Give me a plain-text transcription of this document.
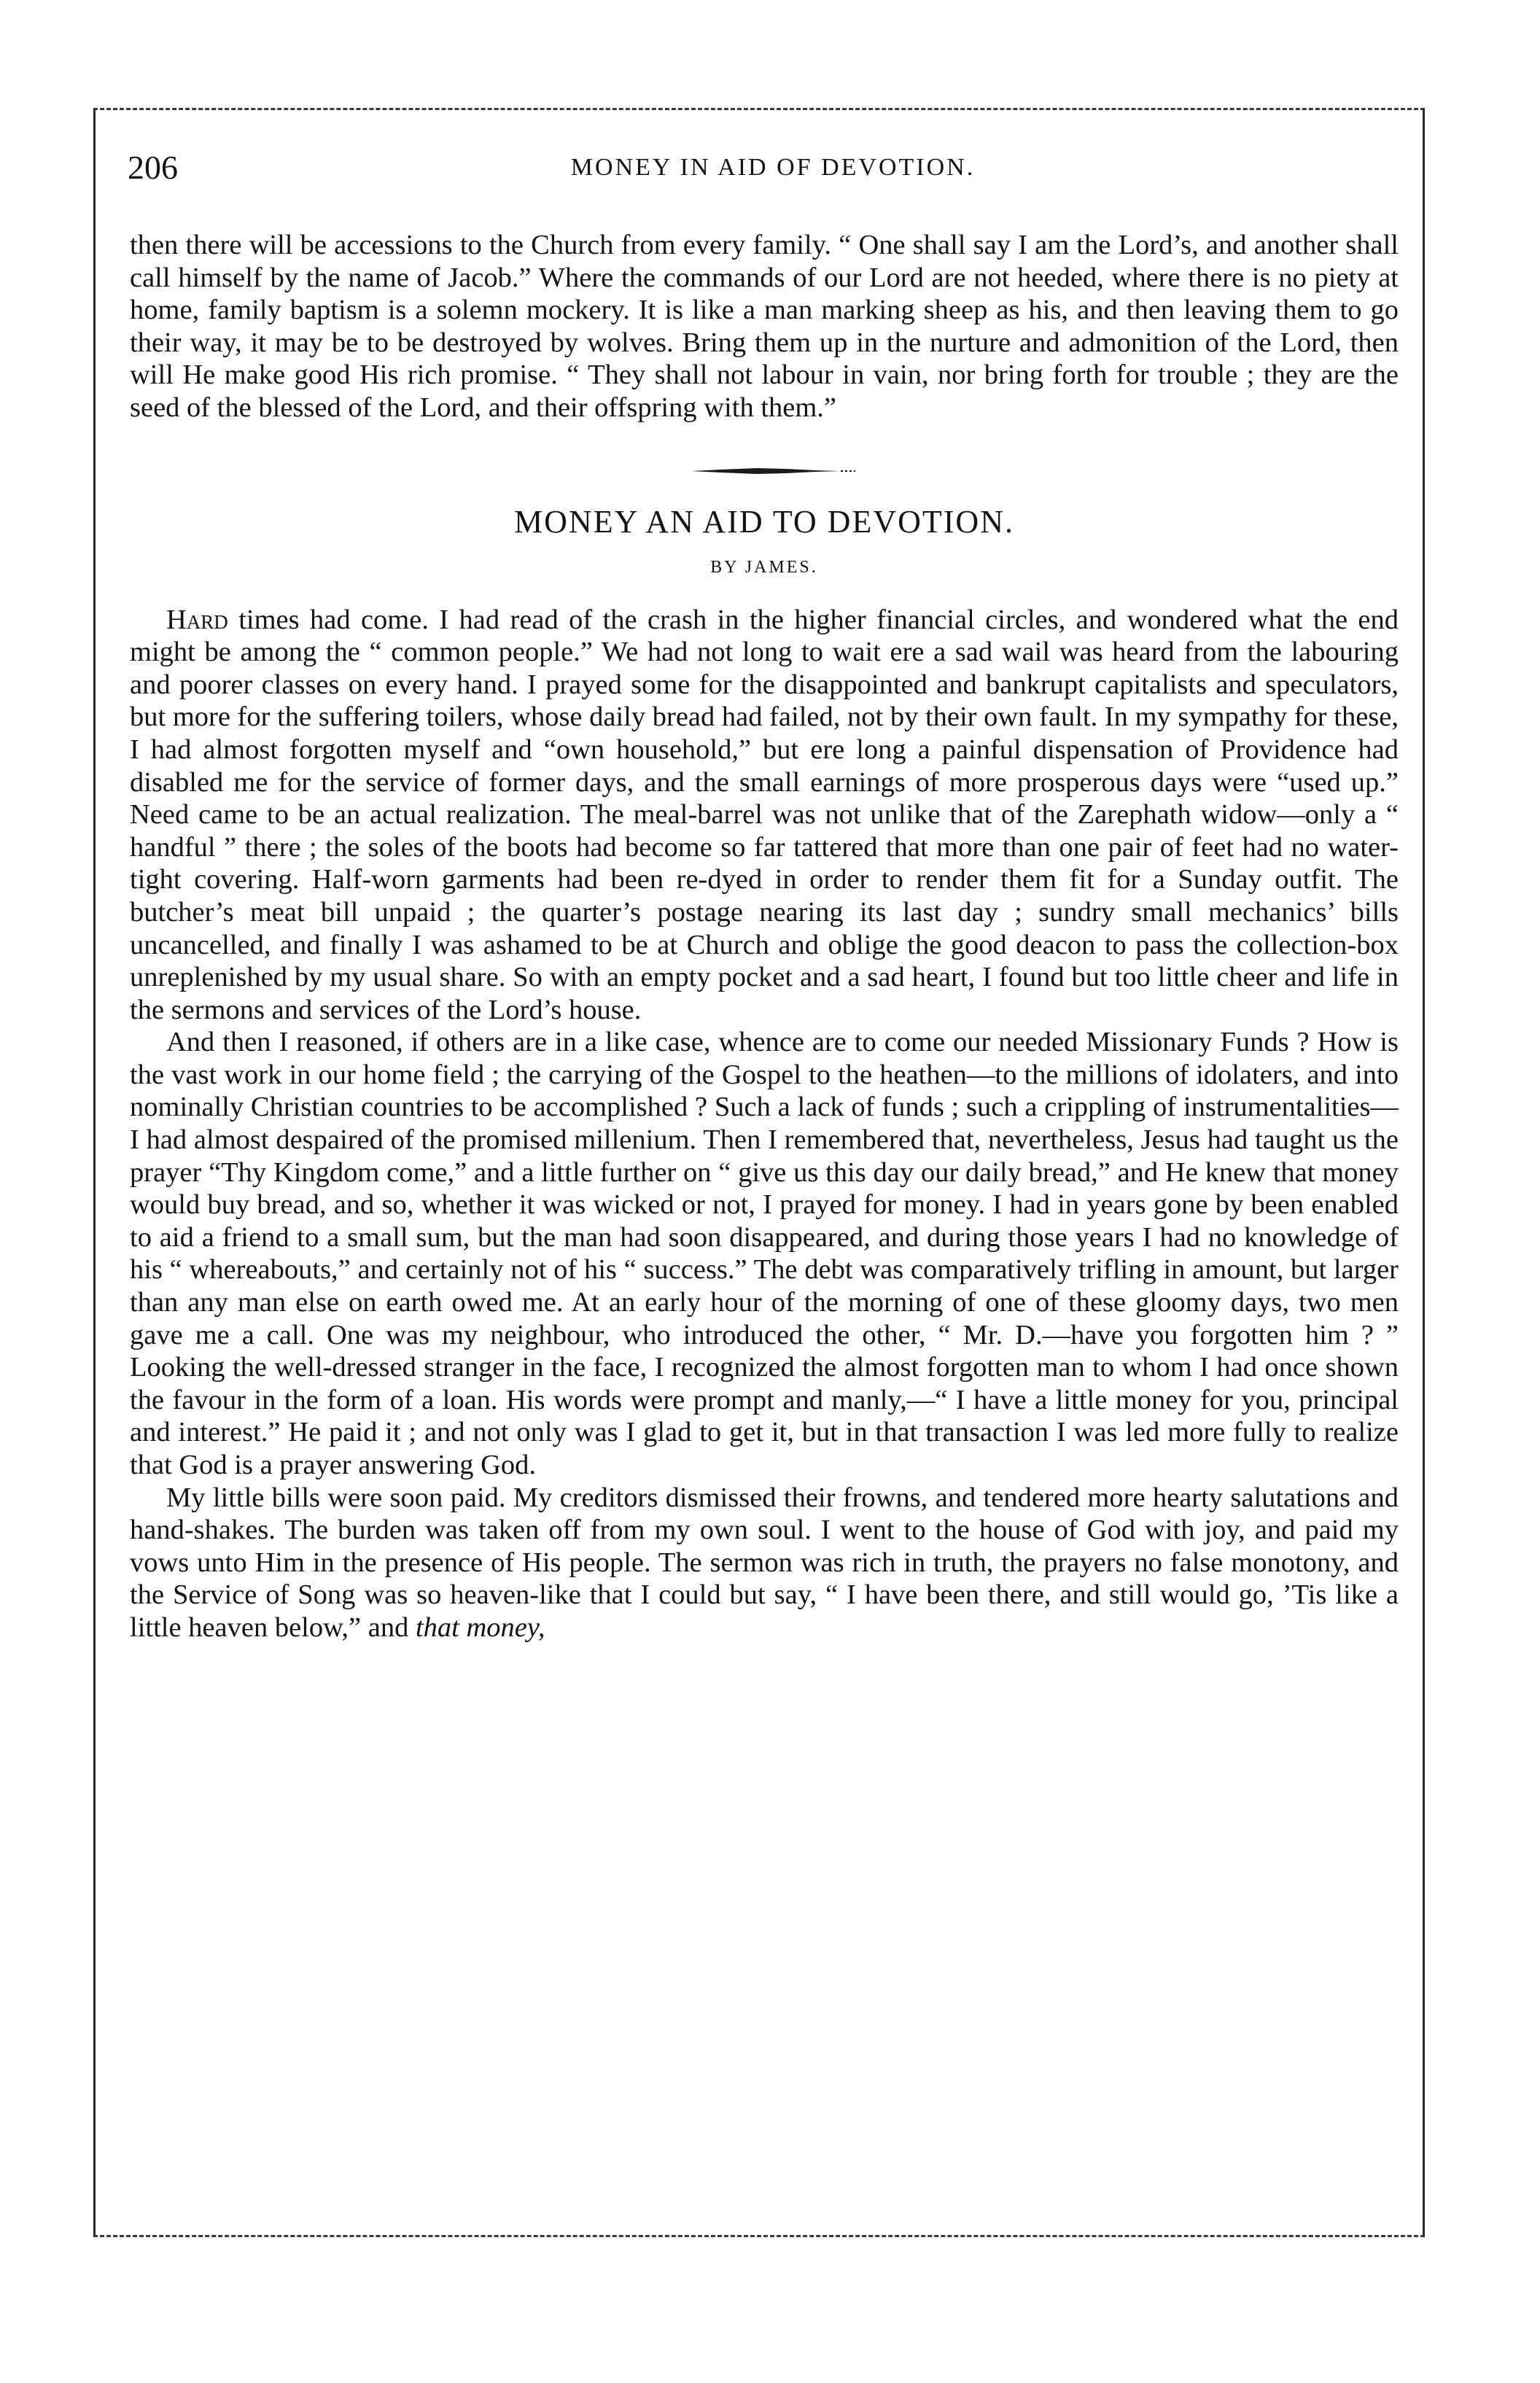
206	MONEY IN AID OF DEVOTION.

then there will be accessions to the Church from every family. “ One shall say I am the Lord’s, and another shall call himself by the name of Jacob.” Where the commands of our Lord are not heeded, where there is no piety at home, family baptism is a solemn mockery. It is like a man marking sheep as his, and then leaving them to go their way, it may be to be destroyed by wolves. Bring them up in the nurture and admonition of the Lord, then will He make good His rich promise. “ They shall not labour in vain, nor bring forth for trouble ; they are the seed of the blessed of the Lord, and their offspring with them.”

MONEY AN AID TO DEVOTION.
BY JAMES.

Hard times had come. I had read of the crash in the higher financial circles, and wondered what the end might be among the “ common people.” We had not long to wait ere a sad wail was heard from the labouring and poorer classes on every hand. I prayed some for the disappointed and bankrupt capitalists and speculators, but more for the suffering toilers, whose daily bread had failed, not by their own fault. In my sympathy for these, I had almost forgotten myself and “own household,” but ere long a painful dispensation of Providence had disabled me for the service of former days, and the small earnings of more prosperous days were “used up.” Need came to be an actual realization. The meal-barrel was not unlike that of the Zarephath widow—only a “ handful ” there ; the soles of the boots had become so far tattered that more than one pair of feet had no water-tight covering. Half-worn garments had been re-dyed in order to render them fit for a Sunday outfit. The butcher’s meat bill unpaid ; the quarter’s postage nearing its last day ; sundry small mechanics’ bills uncancelled, and finally I was ashamed to be at Church and oblige the good deacon to pass the collection-box unreplenished by my usual share. So with an empty pocket and a sad heart, I found but too little cheer and life in the sermons and services of the Lord’s house.

And then I reasoned, if others are in a like case, whence are to come our needed Missionary Funds ? How is the vast work in our home field ; the carrying of the Gospel to the heathen—to the millions of idolaters, and into nominally Christian countries to be accomplished ? Such a lack of funds ; such a crippling of instrumentalities—I had almost despaired of the promised millenium. Then I remembered that, nevertheless, Jesus had taught us the prayer “Thy Kingdom come,” and a little further on “ give us this day our daily bread,” and He knew that money would buy bread, and so, whether it was wicked or not, I prayed for money. I had in years gone by been enabled to aid a friend to a small sum, but the man had soon disappeared, and during those years I had no knowledge of his “ whereabouts,” and certainly not of his “ success.” The debt was comparatively trifling in amount, but larger than any man else on earth owed me. At an early hour of the morning of one of these gloomy days, two men gave me a call. One was my neighbour, who introduced the other, “ Mr. D.—have you forgotten him ? ” Looking the well-dressed stranger in the face, I recognized the almost forgotten man to whom I had once shown the favour in the form of a loan. His words were prompt and manly,—“ I have a little money for you, principal and interest.” He paid it ; and not only was I glad to get it, but in that transaction I was led more fully to realize that God is a prayer answering God.

My little bills were soon paid. My creditors dismissed their frowns, and tendered more hearty salutations and hand-shakes. The burden was taken off from my own soul. I went to the house of God with joy, and paid my vows unto Him in the presence of His people. The sermon was rich in truth, the prayers no false monotony, and the Service of Song was so heaven-like that I could but say, “ I have been there, and still would go, ’Tis like a little heaven below,” and that money,
